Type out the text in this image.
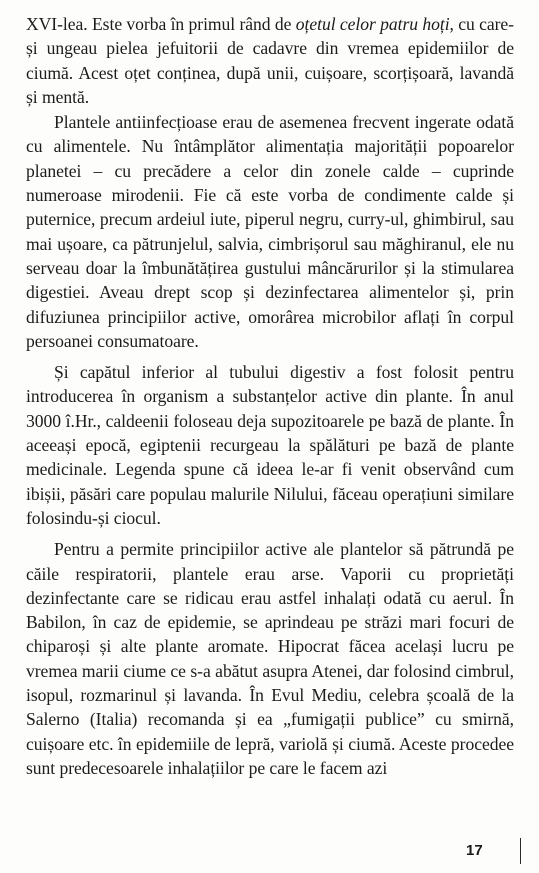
XVI-lea. Este vorba în primul rând de oțetul celor patru hoți, cu care-și ungeau pielea jefuitorii de cadavre din vremea epidemiilor de ciumă. Acest oțet conținea, după unii, cuișoare, scorțișoară, lavandă și mentă.

Plantele antiinfecțioase erau de asemenea frecvent ingerate odată cu alimentele. Nu întâmplător alimentația majorității popoarelor planetei – cu precădere a celor din zonele calde – cuprinde numeroase mirodenii. Fie că este vorba de condimente calde și puternice, precum ardeiul iute, piperul negru, curry-ul, ghimbirul, sau mai ușoare, ca pătrunjelul, salvia, cimbrișorul sau măghiranul, ele nu serveau doar la îmbunătățirea gustului mâncărurilor și la stimularea digestiei. Aveau drept scop și dezinfectarea alimentelor și, prin difuziunea principiilor active, omorârea microbilor aflați în corpul persoanei consumatoare.

Și capătul inferior al tubului digestiv a fost folosit pentru introducerea în organism a substanțelor active din plante. În anul 3000 î.Hr., caldeenii foloseau deja supozitoarele pe bază de plante. În aceeași epocă, egiptenii recurgeau la spălături pe bază de plante medicinale. Legenda spune că ideea le-ar fi venit observând cum ibișii, păsări care populau malurile Nilului, făceau operațiuni similare folosindu-și ciocul.

Pentru a permite principiilor active ale plantelor să pătrundă pe căile respiratorii, plantele erau arse. Vaporii cu proprietăți dezinfectante care se ridicau erau astfel inhalați odată cu aerul. În Babilon, în caz de epidemie, se aprindeau pe străzi mari focuri de chiparoși și alte plante aromate. Hipocrat făcea același lucru pe vremea marii ciume ce s-a abătut asupra Atenei, dar folosind cimbrul, isopul, rozmarinul și lavanda. În Evul Mediu, celebra școală de la Salerno (Italia) recomanda și ea „fumigații publice” cu smirnă, cuișoare etc. în epidemiile de lepră, variolă și ciumă. Aceste procedee sunt predecesoarele inhalațiilor pe care le facem azi

17
